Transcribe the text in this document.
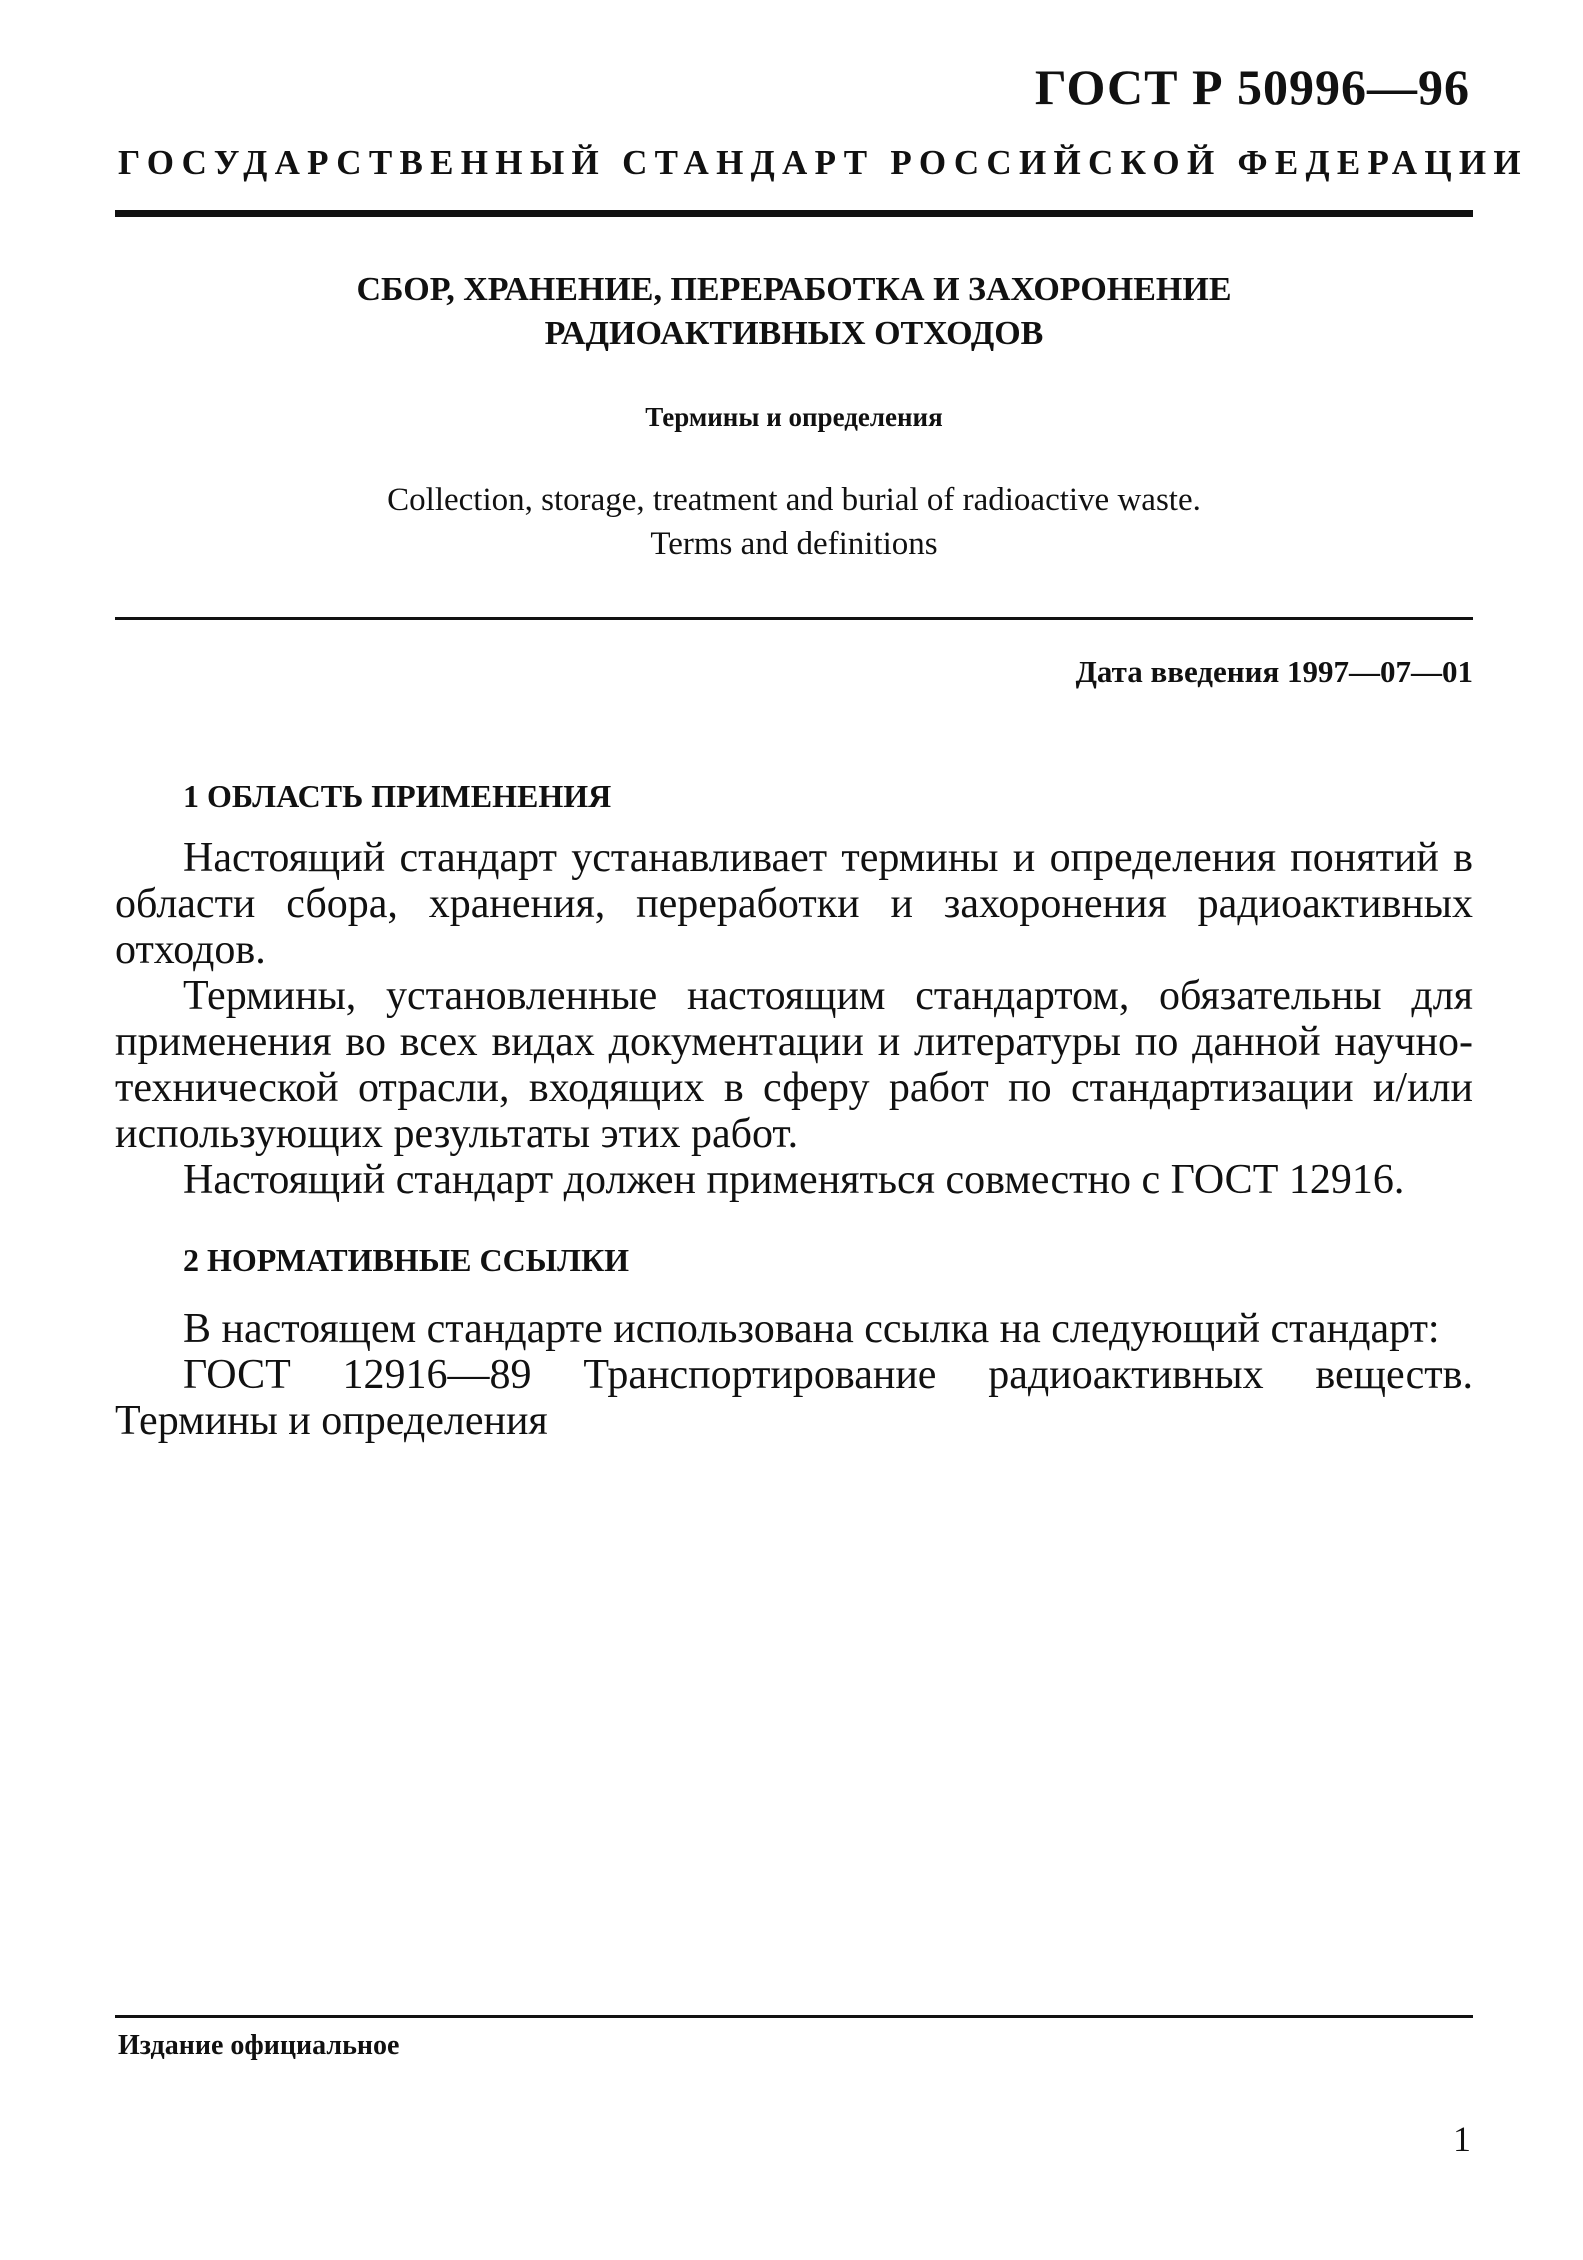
ГОСТ Р 50996—96
ГОСУДАРСТВЕННЫЙ СТАНДАРТ РОССИЙСКОЙ ФЕДЕРАЦИИ
СБОР, ХРАНЕНИЕ, ПЕРЕРАБОТКА И ЗАХОРОНЕНИЕ
РАДИОАКТИВНЫХ ОТХОДОВ
Термины и определения
Collection, storage, treatment and burial of radioactive waste.
Terms and definitions
Дата введения 1997—07—01
1 ОБЛАСТЬ ПРИМЕНЕНИЯ

Настоящий стандарт устанавливает термины и определения понятий в области сбора, хранения, переработки и захоронения радиоактивных отходов.

Термины, установленные настоящим стандартом, обязательны для применения во всех видах документации и литературы по данной научно-технической отрасли, входящих в сферу работ по стандартизации и/или использующих результаты этих работ.

Настоящий стандарт должен применяться совместно с ГОСТ 12916.

2 НОРМАТИВНЫЕ ССЫЛКИ

В настоящем стандарте использована ссылка на следующий стандарт:

ГОСТ 12916—89 Транспортирование радиоактивных веществ. Термины и определения

Издание официальное
1
